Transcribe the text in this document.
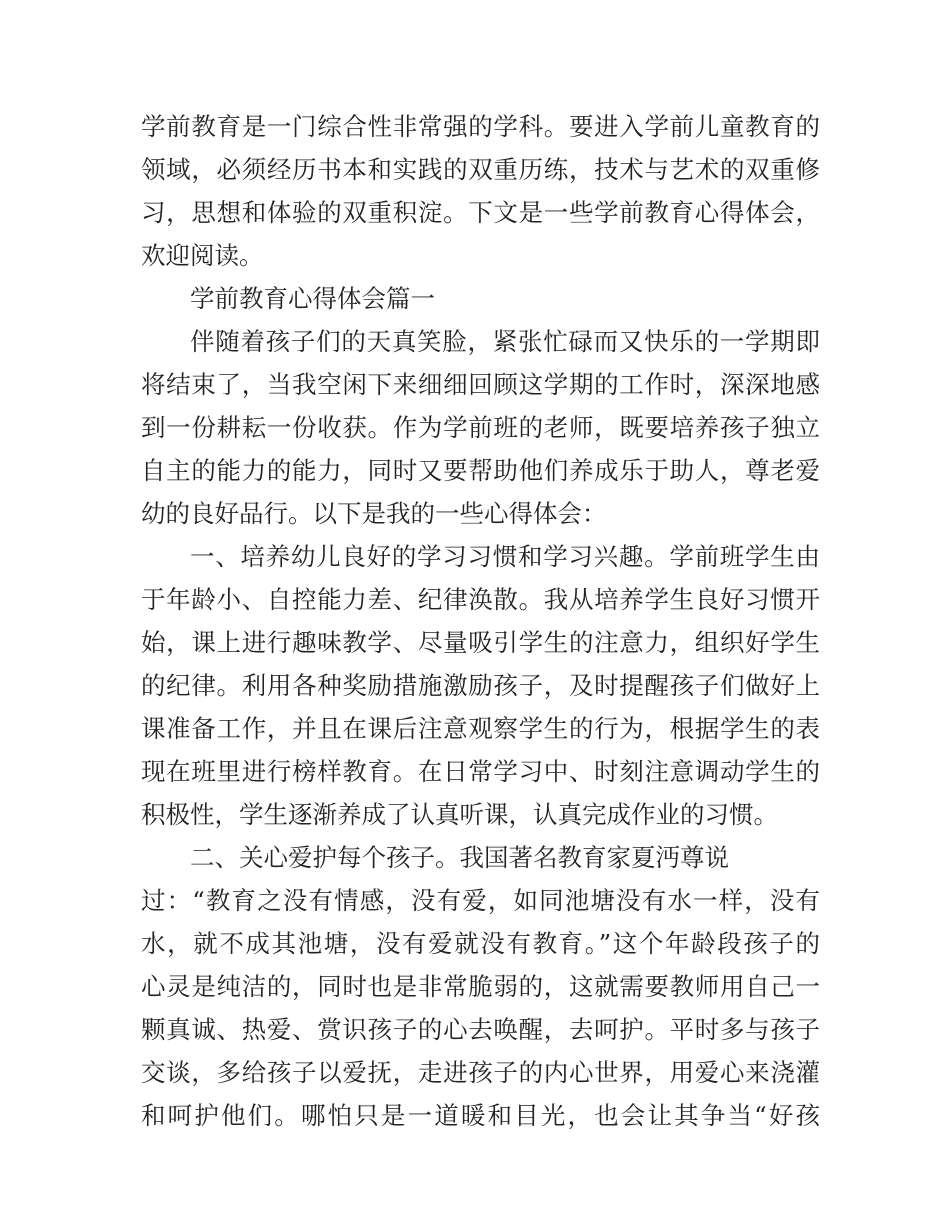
学前教育是一门综合性非常强的学科。要进入学前儿童教育的
领域，必须经历书本和实践的双重历练，技术与艺术的双重修
习，思想和体验的双重积淀。下文是一些学前教育心得体会，
欢迎阅读。
学前教育心得体会篇一
伴随着孩子们的天真笑脸，紧张忙碌而又快乐的一学期即
将结束了，当我空闲下来细细回顾这学期的工作时，深深地感
到一份耕耘一份收获。作为学前班的老师，既要培养孩子独立
自主的能力的能力，同时又要帮助他们养成乐于助人，尊老爱
幼的良好品行。以下是我的一些心得体会：
一、培养幼儿良好的学习习惯和学习兴趣。学前班学生由
于年龄小、自控能力差、纪律涣散。我从培养学生良好习惯开
始，课上进行趣味教学、尽量吸引学生的注意力，组织好学生
的纪律。利用各种奖励措施激励孩子，及时提醒孩子们做好上
课准备工作，并且在课后注意观察学生的行为，根据学生的表
现在班里进行榜样教育。在日常学习中、时刻注意调动学生的
积极性，学生逐渐养成了认真听课，认真完成作业的习惯。
二、关心爱护每个孩子。我国著名教育家夏沔尊说
过：“教育之没有情感，没有爱，如同池塘没有水一样，没有
水，就不成其池塘，没有爱就没有教育。”这个年龄段孩子的
心灵是纯洁的，同时也是非常脆弱的，这就需要教师用自己一
颗真诚、热爱、赏识孩子的心去唤醒，去呵护。平时多与孩子
交谈，多给孩子以爱抚，走进孩子的内心世界，用爱心来浇灌
和呵护他们。哪怕只是一道暖和目光，也会让其争当“好孩
